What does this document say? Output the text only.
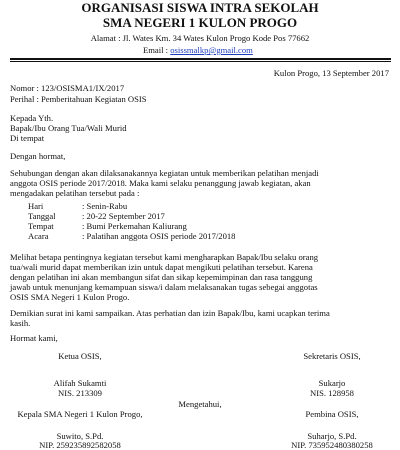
ORGANISASI SISWA INTRA SEKOLAH
SMA NEGERI 1 KULON PROGO
Alamat : Jl. Wates Km. 34 Wates Kulon Progo Kode Pos 77662
Email : osissmalkp@gmail.com
Kulon Progo, 13 September 2017
Nomor : 123/OSISMA1/IX/2017
Perihal : Pemberitahuan Kegiatan OSIS
Kepada Yth.
Bapak/Ibu Orang Tua/Wali Murid
Di tempat
Dengan hormat,
Sehubungan dengan akan dilaksanakannya kegiatan untuk memberikan pelatihan menjadi
anggota OSIS periode 2017/2018. Maka kami selaku penanggung jawab kegiatan, akan
mengadakan pelatihan tersebut pada :
Hari	: Senin-Rabu
Tanggal	: 20-22 September 2017
Tempat	: Bumi Perkemahan Kaliurang
Acara	: Palatihan anggota OSIS periode 2017/2018
Melihat betapa pentingnya kegiatan tersebut kami mengharapkan Bapak/Ibu selaku orang
tua/wali murid dapat memberikan izin untuk dapat mengikuti pelatihan tersebut. Karena
dengan pelatihan ini akan membangun sifat dan sikap kepemimpinan dan rasa tanggung
jawab untuk menunjang kemampuan siswa/i dalam melaksanakan tugas sebegai anggotas
OSIS SMA Negeri 1 Kulon Progo.
Demikian surat ini kami sampaikan. Atas perhatian dan izin Bapak/Ibu, kami ucapkan terima
kasih.
Hormat kami,
Ketua OSIS,	Sekretaris OSIS,
Alifah Sukamti
NIS. 213309
Sukarjo
NIS. 128958
Mengetahui,
Kepala SMA Negeri 1 Kulon Progo,	Pembina OSIS,
Suwito, S.Pd.
NIP. 259235892582058
Suharjo, S.Pd.
NIP. 735952480380258
